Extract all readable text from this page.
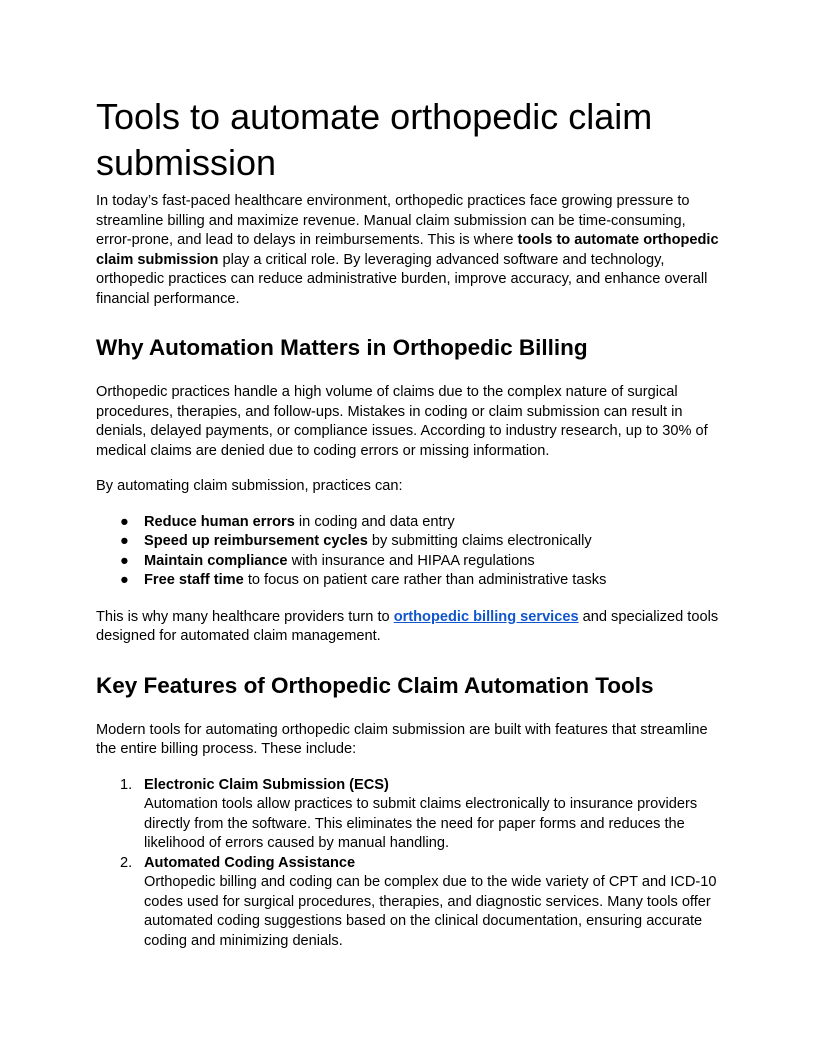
Tools to automate orthopedic claim submission

In today’s fast-paced healthcare environment, orthopedic practices face growing pressure to streamline billing and maximize revenue. Manual claim submission can be time-consuming, error-prone, and lead to delays in reimbursements. This is where tools to automate orthopedic claim submission play a critical role. By leveraging advanced software and technology, orthopedic practices can reduce administrative burden, improve accuracy, and enhance overall financial performance.

Why Automation Matters in Orthopedic Billing

Orthopedic practices handle a high volume of claims due to the complex nature of surgical procedures, therapies, and follow-ups. Mistakes in coding or claim submission can result in denials, delayed payments, or compliance issues. According to industry research, up to 30% of medical claims are denied due to coding errors or missing information.

By automating claim submission, practices can:

● Reduce human errors in coding and data entry
● Speed up reimbursement cycles by submitting claims electronically
● Maintain compliance with insurance and HIPAA regulations
● Free staff time to focus on patient care rather than administrative tasks

This is why many healthcare providers turn to orthopedic billing services and specialized tools designed for automated claim management.

Key Features of Orthopedic Claim Automation Tools

Modern tools for automating orthopedic claim submission are built with features that streamline the entire billing process. These include:

1. Electronic Claim Submission (ECS)
Automation tools allow practices to submit claims electronically to insurance providers directly from the software. This eliminates the need for paper forms and reduces the likelihood of errors caused by manual handling.
2. Automated Coding Assistance
Orthopedic billing and coding can be complex due to the wide variety of CPT and ICD-10 codes used for surgical procedures, therapies, and diagnostic services. Many tools offer automated coding suggestions based on the clinical documentation, ensuring accurate coding and minimizing denials.
